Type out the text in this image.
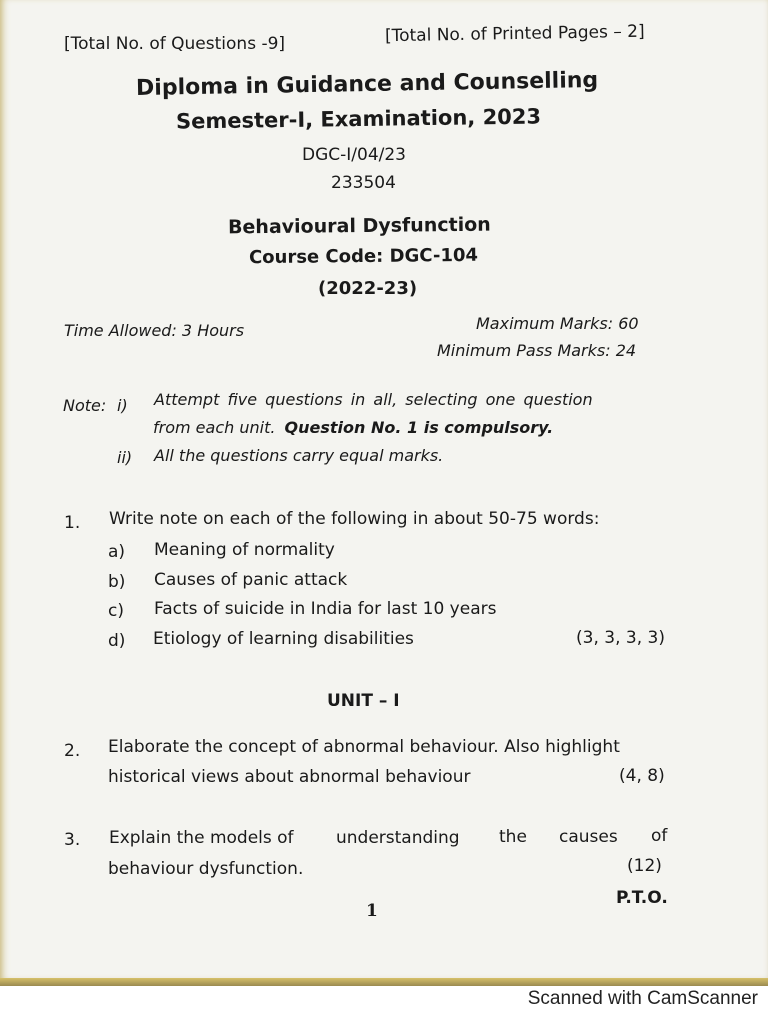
[Total No. of Questions -9]	[Total No. of Printed Pages – 2]
Diploma in Guidance and Counselling
Semester-I, Examination, 2023
DGC-I/04/23
233504
Behavioural Dysfunction
Course Code: DGC-104
(2022-23)
Time Allowed: 3 Hours	Maximum Marks: 60
Minimum Pass Marks: 24
Note: i) Attempt five questions in all, selecting one question
from each unit. Question No. 1 is compulsory.
ii) All the questions carry equal marks.
1. Write note on each of the following in about 50-75 words:
a) Meaning of normality
b) Causes of panic attack
c) Facts of suicide in India for last 10 years
d) Etiology of learning disabilities	(3, 3, 3, 3)
UNIT – I
2. Elaborate the concept of abnormal behaviour. Also highlight
historical views about abnormal behaviour	(4, 8)
3. Explain the models of understanding the causes of
behaviour dysfunction.	(12)
P.T.O.
1
Scanned with CamScanner
